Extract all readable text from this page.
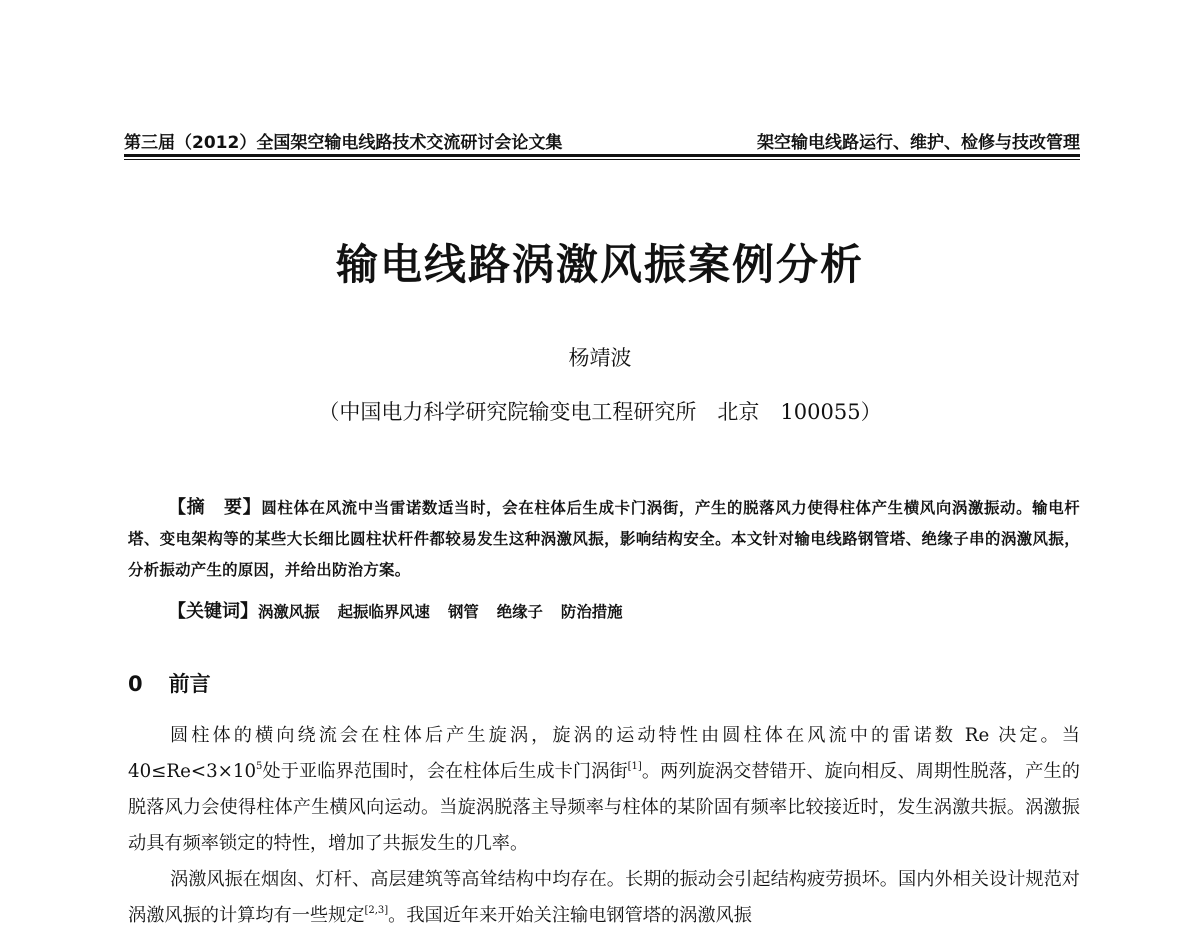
第三届（2012）全国架空输电线路技术交流研讨会论文集	架空输电线路运行、维护、检修与技改管理
输电线路涡激风振案例分析
杨靖波
（中国电力科学研究院输变电工程研究所　北京　100055）
【摘　要】圆柱体在风流中当雷诺数适当时，会在柱体后生成卡门涡街，产生的脱落风力使得柱体产生横风向涡激振动。输电杆塔、变电架构等的某些大长细比圆柱状杆件都较易发生这种涡激风振，影响结构安全。本文针对输电线路钢管塔、绝缘子串的涡激风振，分析振动产生的原因，并给出防治方案。
【关键词】涡激风振 起振临界风速 钢管 绝缘子 防治措施
0 前言

圆柱体的横向绕流会在柱体后产生旋涡，旋涡的运动特性由圆柱体在风流中的雷诺数 Re 决定。当 $40\le Re<3\times 10^5$处于亚临界范围时，会在柱体后生成卡门涡街[1]。两列旋涡交替错开、旋向相反、周期性脱落，产生的脱落风力会使得柱体产生横风向运动。当旋涡脱落主导频率与柱体的某阶固有频率比较接近时，发生涡激共振。涡激振动具有频率锁定的特性，增加了共振发生的几率。

涡激风振在烟囱、灯杆、高层建筑等高耸结构中均存在。长期的振动会引起结构疲劳损坏。国内外相关设计规范对涡激风振的计算均有一些规定[2,3]。我国近年来开始关注输电钢管塔的涡激风振
